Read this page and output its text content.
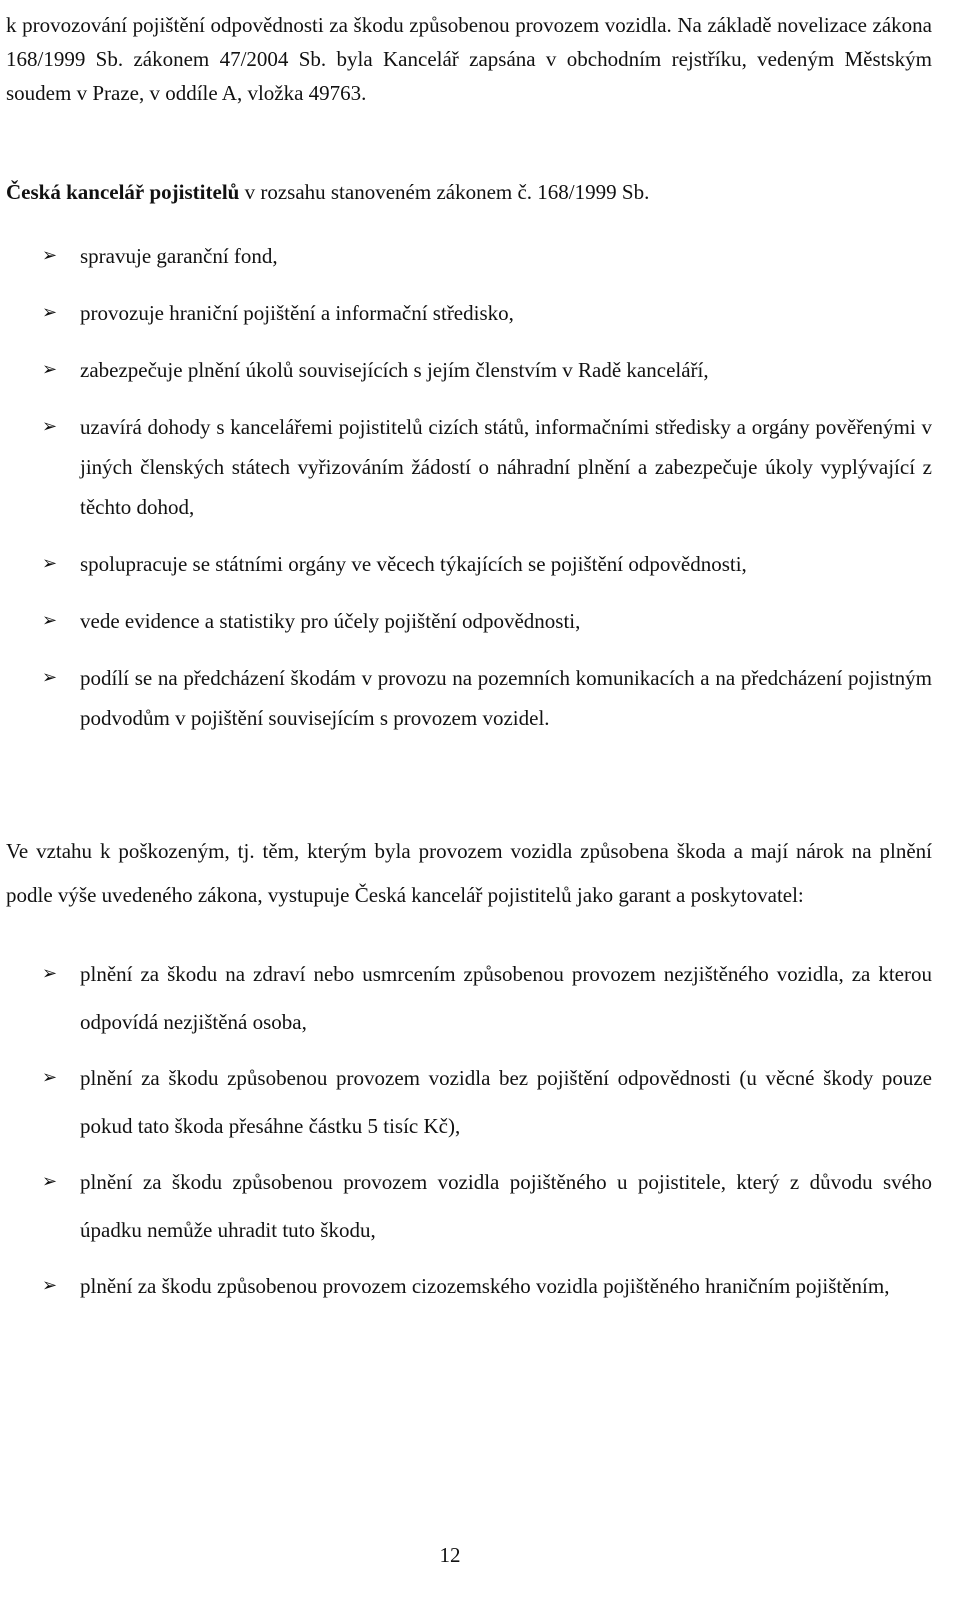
k provozování pojištění odpovědnosti za škodu způsobenou provozem vozidla. Na základě novelizace zákona 168/1999 Sb. zákonem 47/2004 Sb. byla Kancelář zapsána v obchodním rejstříku, vedeným Městským soudem v Praze, v oddíle A, vložka 49763.

Česká kancelář pojistitelů v rozsahu stanoveném zákonem č. 168/1999 Sb.
➢ spravuje garanční fond,
➢ provozuje hraniční pojištění a informační středisko,
➢ zabezpečuje plnění úkolů souvisejících s jejím členstvím v Radě kanceláří,
➢ uzavírá dohody s kancelářemi pojistitelů cizích států, informačními středisky a orgány pověřenými v jiných členských státech vyřizováním žádostí o náhradní plnění a zabezpečuje úkoly vyplývající z těchto dohod,
➢ spolupracuje se státními orgány ve věcech týkajících se pojištění odpovědnosti,
➢ vede evidence a statistiky pro účely pojištění odpovědnosti,
➢ podílí se na předcházení škodám v provozu na pozemních komunikacích a na předcházení pojistným podvodům v pojištění souvisejícím s provozem vozidel.

Ve vztahu k poškozeným, tj. těm, kterým byla provozem vozidla způsobena škoda a mají nárok na plnění podle výše uvedeného zákona, vystupuje Česká kancelář pojistitelů jako garant a poskytovatel:

➢ plnění za škodu na zdraví nebo usmrcením způsobenou provozem nezjištěného vozidla, za kterou odpovídá nezjištěná osoba,
➢ plnění za škodu způsobenou provozem vozidla bez pojištění odpovědnosti (u věcné škody pouze pokud tato škoda přesáhne částku 5 tisíc Kč),
➢ plnění za škodu způsobenou provozem vozidla pojištěného u pojistitele, který z důvodu svého úpadku nemůže uhradit tuto škodu,
➢ plnění za škodu způsobenou provozem cizozemského vozidla pojištěného hraničním pojištěním,
12
